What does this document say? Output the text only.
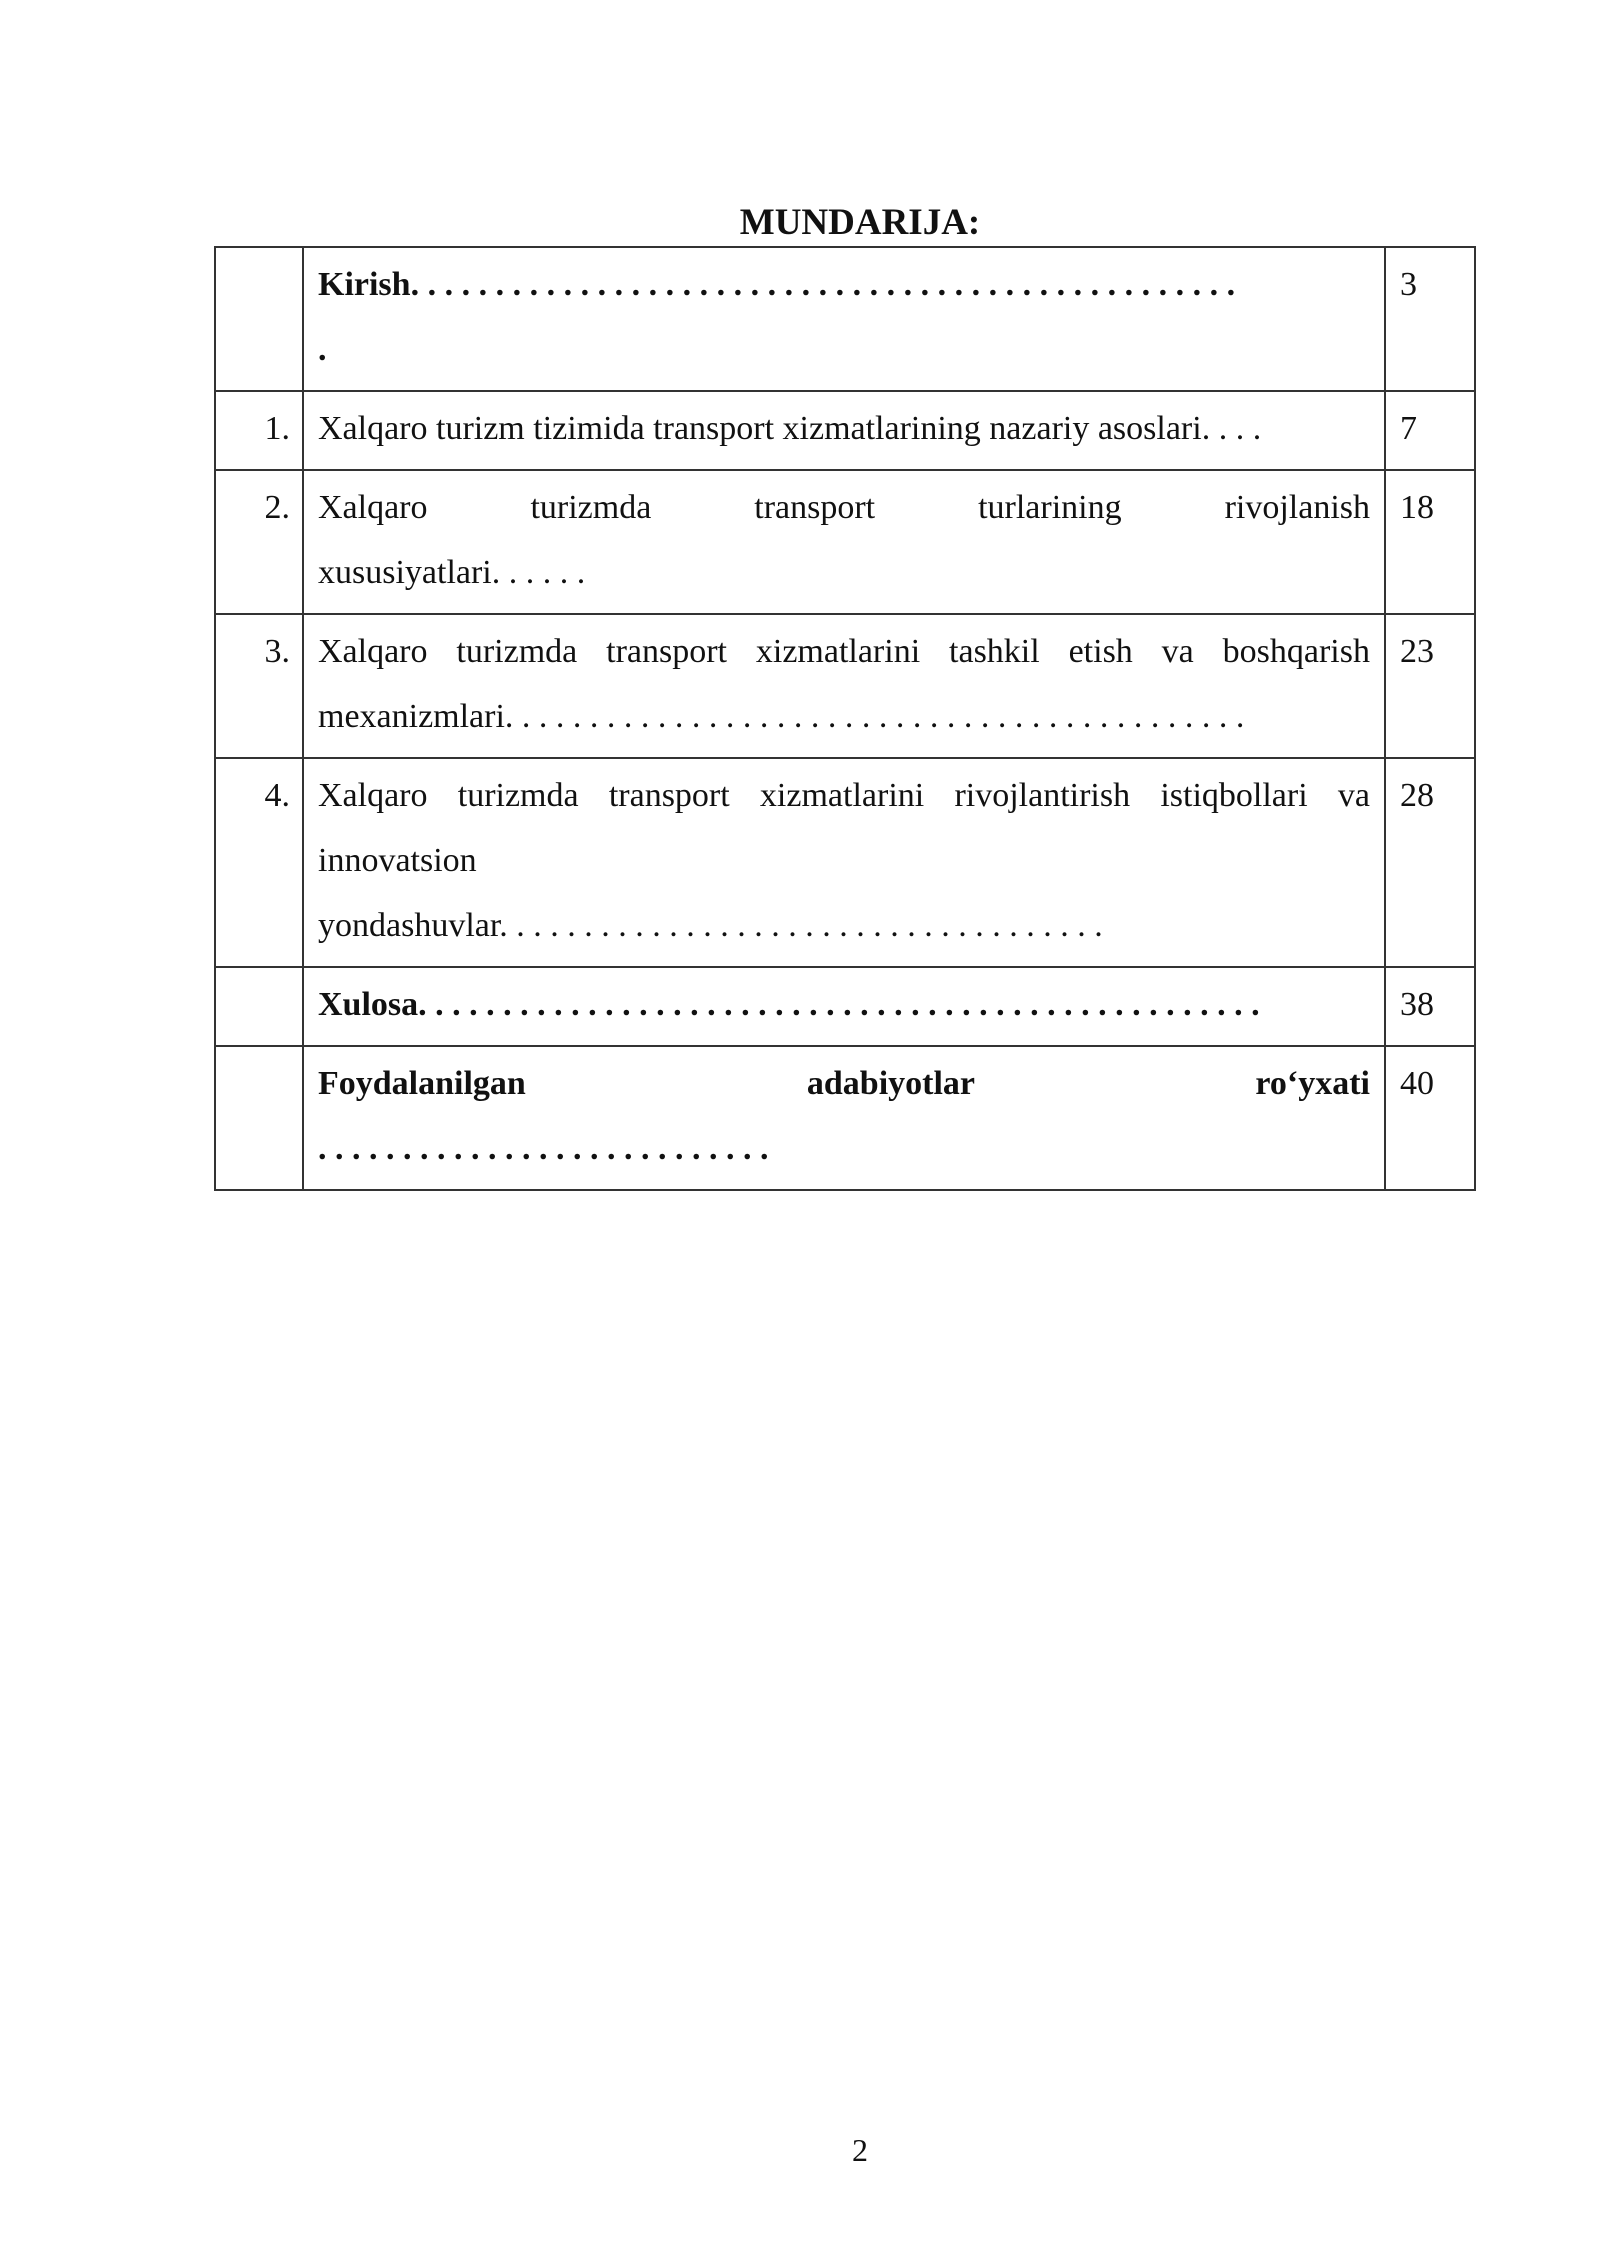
MUNDARIJA:

	Kirish. . . . . . . . . . . . . . . . . . . . . . . . . . . . . . . . . . . . . . . . . . . . . . . . .
.	3
1.	Xalqaro turizm tizimida transport xizmatlarining nazariy asoslari. . . .	7
2.	Xalqaro turizmda transport turlarining rivojlanish
xususiyatlari. . . . . .	18
3.	Xalqaro turizmda transport xizmatlarini tashkil etish va boshqarish
mexanizmlari. . . . . . . . . . . . . . . . . . . . . . . . . . . . . . . . . . . . . . . . . . . .	23
4.	Xalqaro turizmda transport xizmatlarini rivojlantirish istiqbollari va
innovatsion
yondashuvlar. . . . . . . . . . . . . . . . . . . . . . . . . . . . . . . . . . . .	28

	Xulosa. . . . . . . . . . . . . . . . . . . . . . . . . . . . . . . . . . . . . . . . . . . . . . . . . .	38

	Foydalanilgan adabiyotlar ro‘yxati
. . . . . . . . . . . . . . . . . . . . . . . . . . .	40
2
